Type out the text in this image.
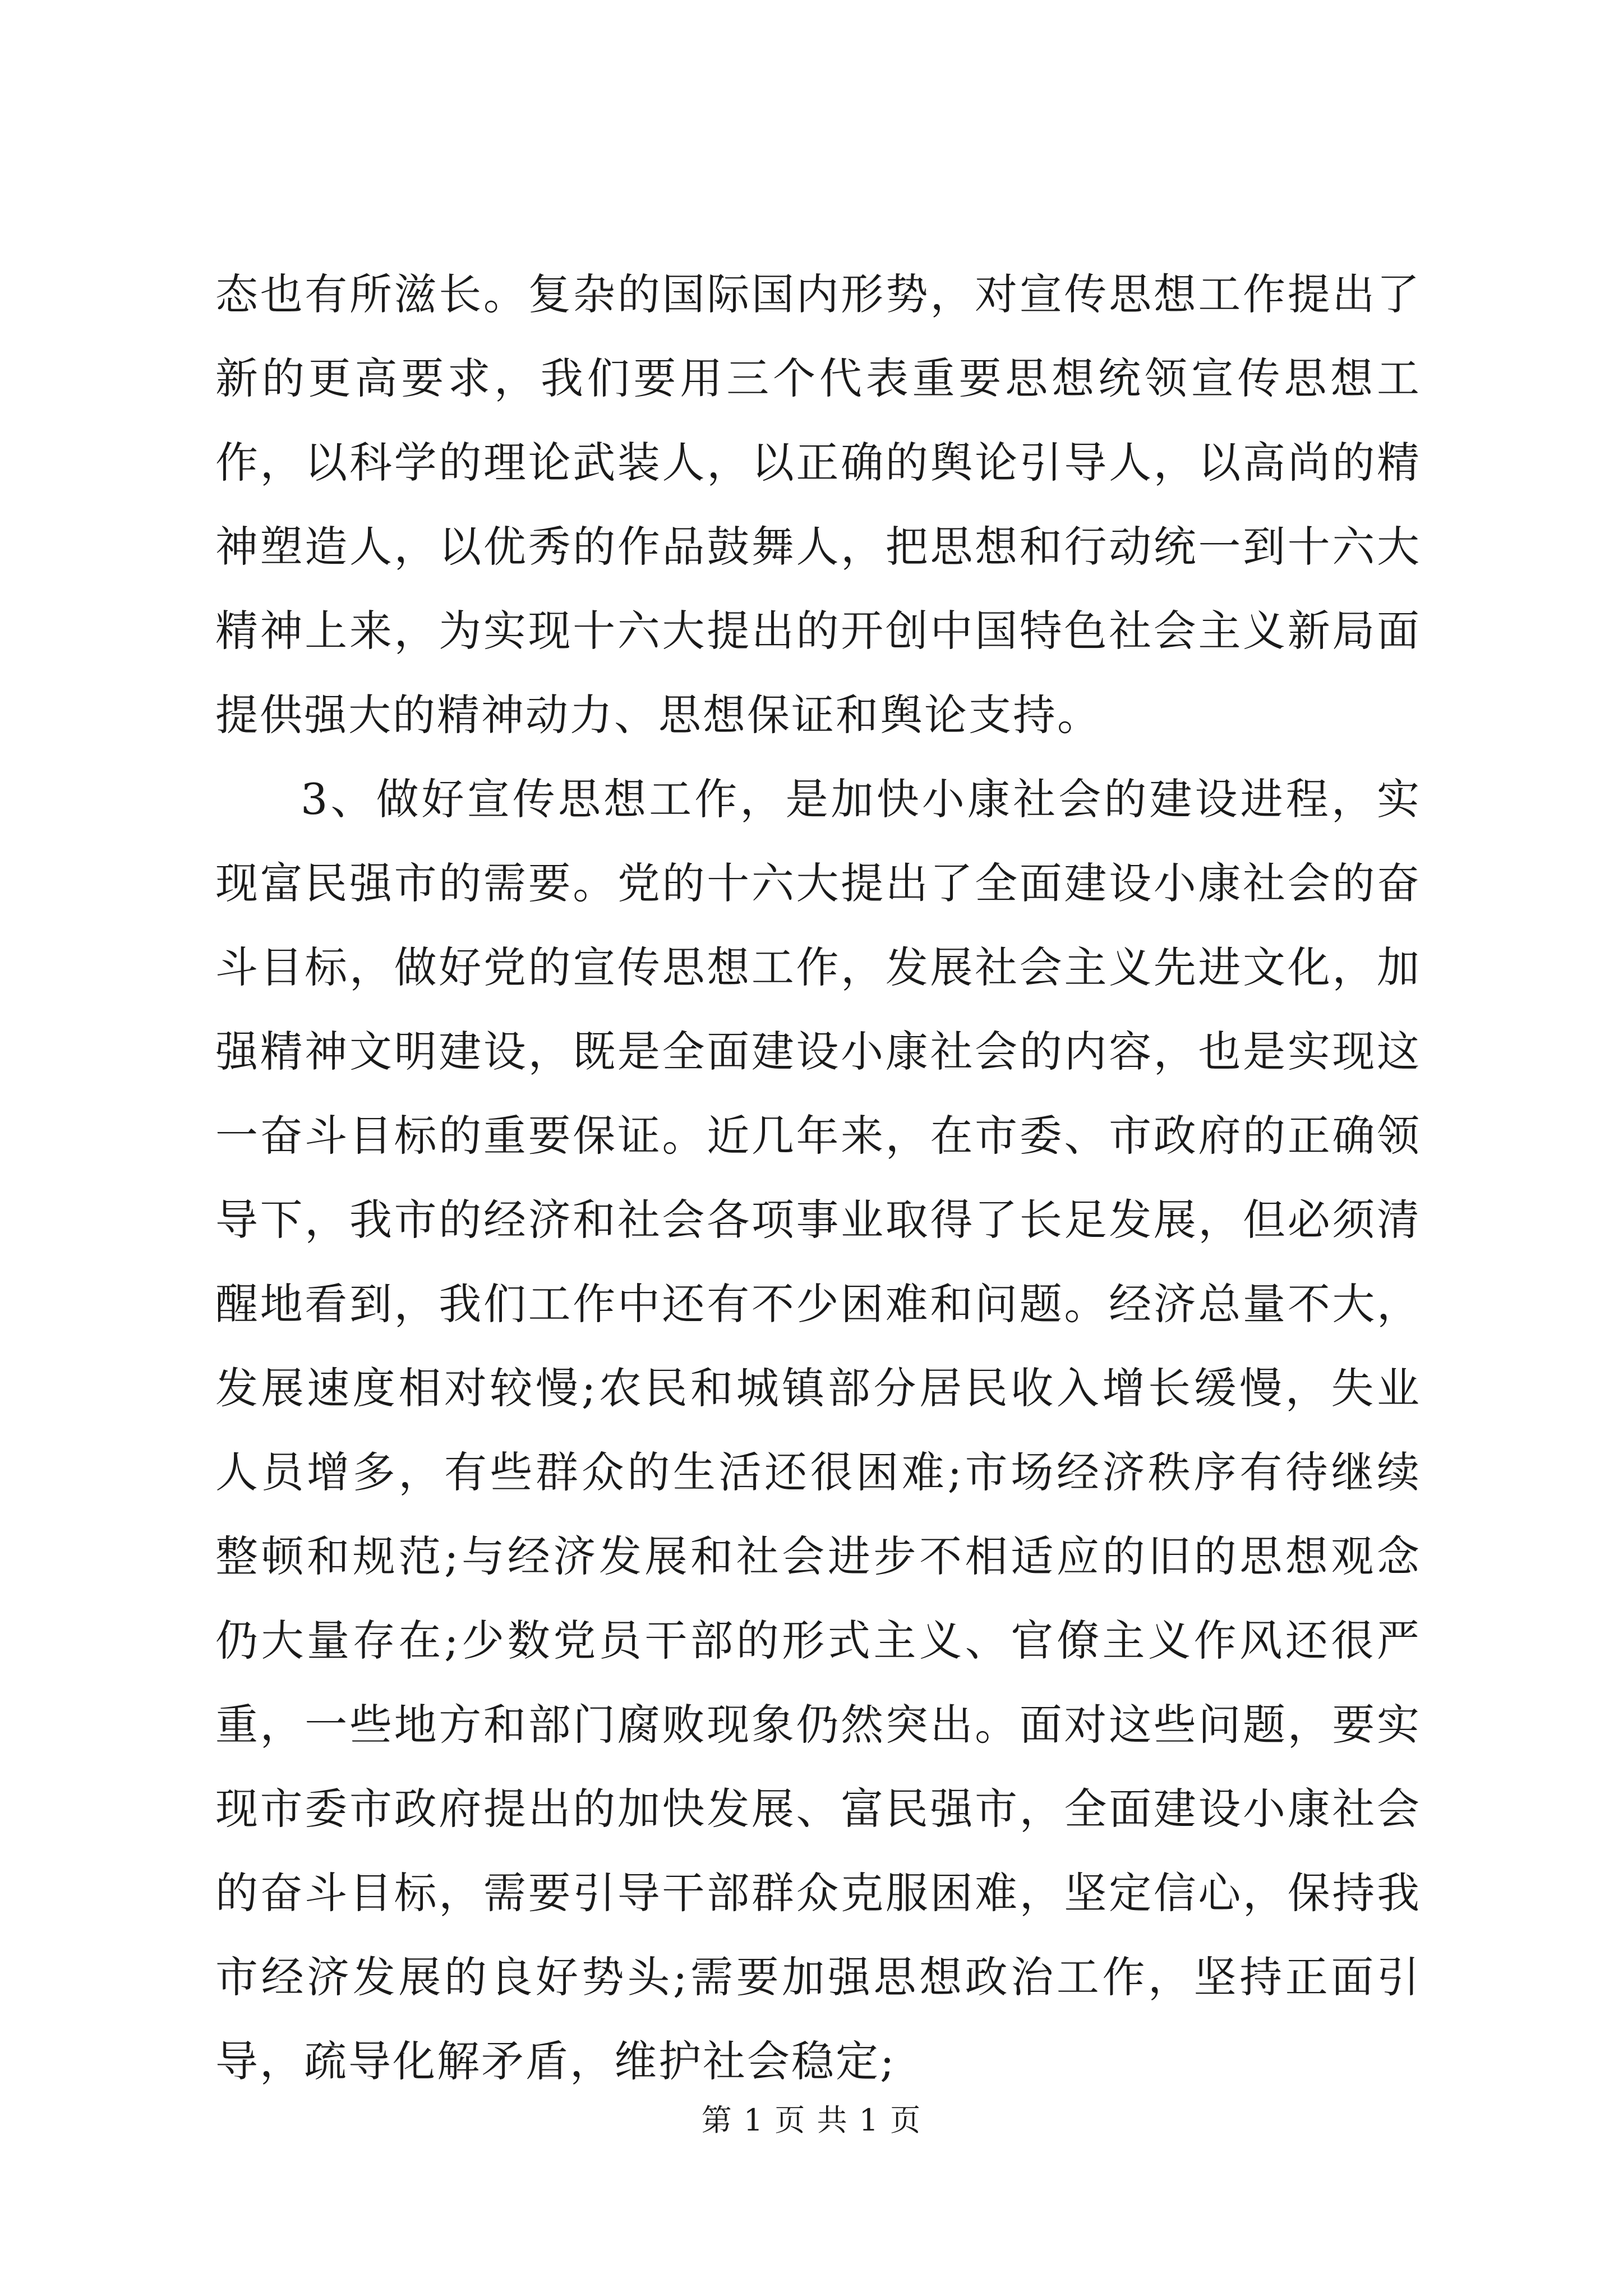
态也有所滋长。复杂的国际国内形势，对宣传思想工作提出了新的更高要求，我们要用三个代表重要思想统领宣传思想工作，以科学的理论武装人，以正确的舆论引导人，以高尚的精神塑造人，以优秀的作品鼓舞人，把思想和行动统一到十六大精神上来，为实现十六大提出的开创中国特色社会主义新局面提供强大的精神动力、思想保证和舆论支持。

3、做好宣传思想工作，是加快小康社会的建设进程，实现富民强市的需要。党的十六大提出了全面建设小康社会的奋斗目标，做好党的宣传思想工作，发展社会主义先进文化，加强精神文明建设，既是全面建设小康社会的内容，也是实现这一奋斗目标的重要保证。近几年来，在市委、市政府的正确领导下，我市的经济和社会各项事业取得了长足发展，但必须清醒地看到，我们工作中还有不少困难和问题。经济总量不大，发展速度相对较慢;农民和城镇部分居民收入增长缓慢，失业人员增多，有些群众的生活还很困难;市场经济秩序有待继续整顿和规范;与经济发展和社会进步不相适应的旧的思想观念仍大量存在;少数党员干部的形式主义、官僚主义作风还很严重，一些地方和部门腐败现象仍然突出。面对这些问题，要实现市委市政府提出的加快发展、富民强市，全面建设小康社会的奋斗目标，需要引导干部群众克服困难，坚定信心，保持我市经济发展的良好势头;需要加强思想政治工作，坚持正面引导，疏导化解矛盾，维护社会稳定;

第 1 页 共 1 页
